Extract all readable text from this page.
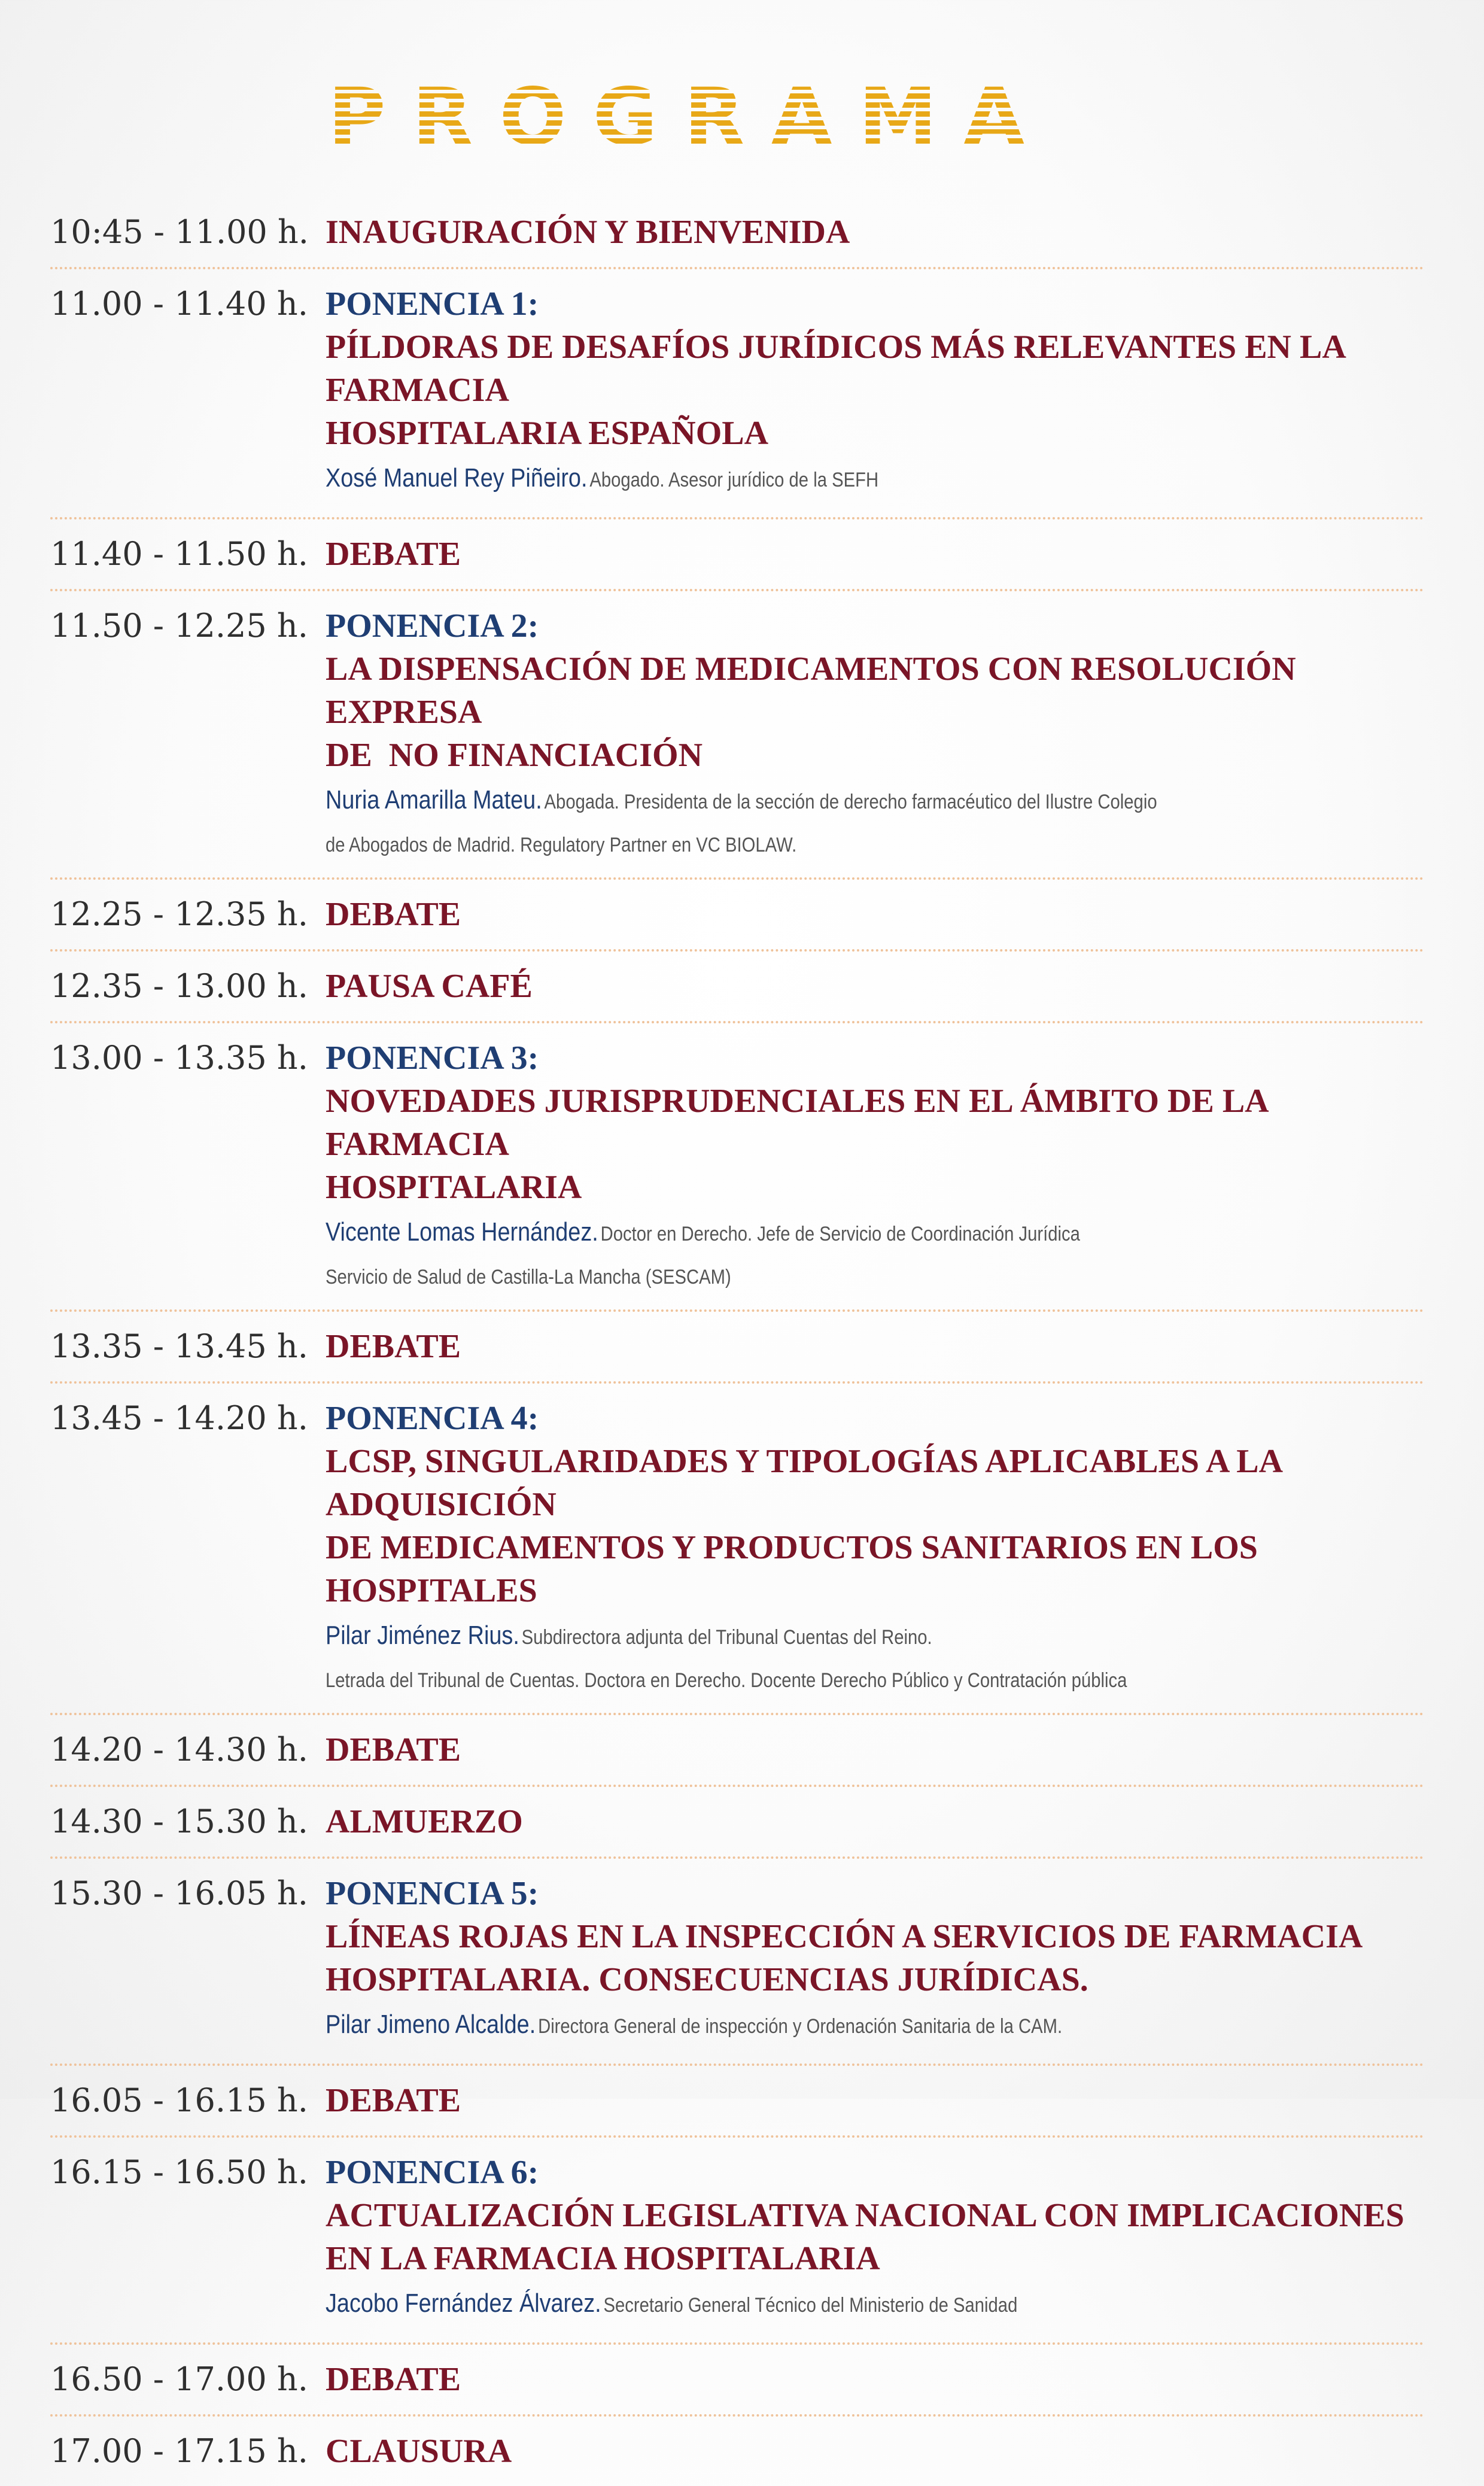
PROGRAMA
10:45 - 11.00 h. INAUGURACIÓN Y BIENVENIDA
11.00 - 11.40 h. PONENCIA 1:
PÍLDORAS DE DESAFÍOS JURÍDICOS MÁS RELEVANTES EN LA FARMACIA
HOSPITALARIA ESPAÑOLA
Xosé Manuel Rey Piñeiro. Abogado. Asesor jurídico de la SEFH
11.40 - 11.50 h. DEBATE
11.50 - 12.25 h. PONENCIA 2:
LA DISPENSACIÓN DE MEDICAMENTOS CON RESOLUCIÓN EXPRESA
DE  NO FINANCIACIÓN
Nuria Amarilla Mateu. Abogada. Presidenta de la sección de derecho farmacéutico del Ilustre Colegio
de Abogados de Madrid. Regulatory Partner en VC BIOLAW.
12.25 - 12.35 h. DEBATE
12.35 - 13.00 h. PAUSA CAFÉ
13.00 - 13.35 h. PONENCIA 3:
NOVEDADES JURISPRUDENCIALES EN EL ÁMBITO DE LA FARMACIA
HOSPITALARIA
Vicente Lomas Hernández. Doctor en Derecho. Jefe de Servicio de Coordinación Jurídica
Servicio de Salud de Castilla-La Mancha (SESCAM)
13.35 - 13.45 h. DEBATE
13.45 - 14.20 h. PONENCIA 4:
LCSP, SINGULARIDADES Y TIPOLOGÍAS APLICABLES A LA ADQUISICIÓN
DE MEDICAMENTOS Y PRODUCTOS SANITARIOS EN LOS HOSPITALES
Pilar Jiménez Rius. Subdirectora adjunta del Tribunal Cuentas del Reino.
Letrada del Tribunal de Cuentas. Doctora en Derecho. Docente Derecho Público y Contratación pública
14.20 - 14.30 h. DEBATE
14.30 - 15.30 h. ALMUERZO
15.30 - 16.05 h. PONENCIA 5:
LÍNEAS ROJAS EN LA INSPECCIÓN A SERVICIOS DE FARMACIA
HOSPITALARIA. CONSECUENCIAS JURÍDICAS.
Pilar Jimeno Alcalde. Directora General de inspección y Ordenación Sanitaria de la CAM.
16.05 - 16.15 h. DEBATE
16.15 - 16.50 h. PONENCIA 6:
ACTUALIZACIÓN LEGISLATIVA NACIONAL CON IMPLICACIONES
EN LA FARMACIA HOSPITALARIA
Jacobo Fernández Álvarez. Secretario General Técnico del Ministerio de Sanidad
16.50 - 17.00 h. DEBATE
17.00 - 17.15 h. CLAUSURA
